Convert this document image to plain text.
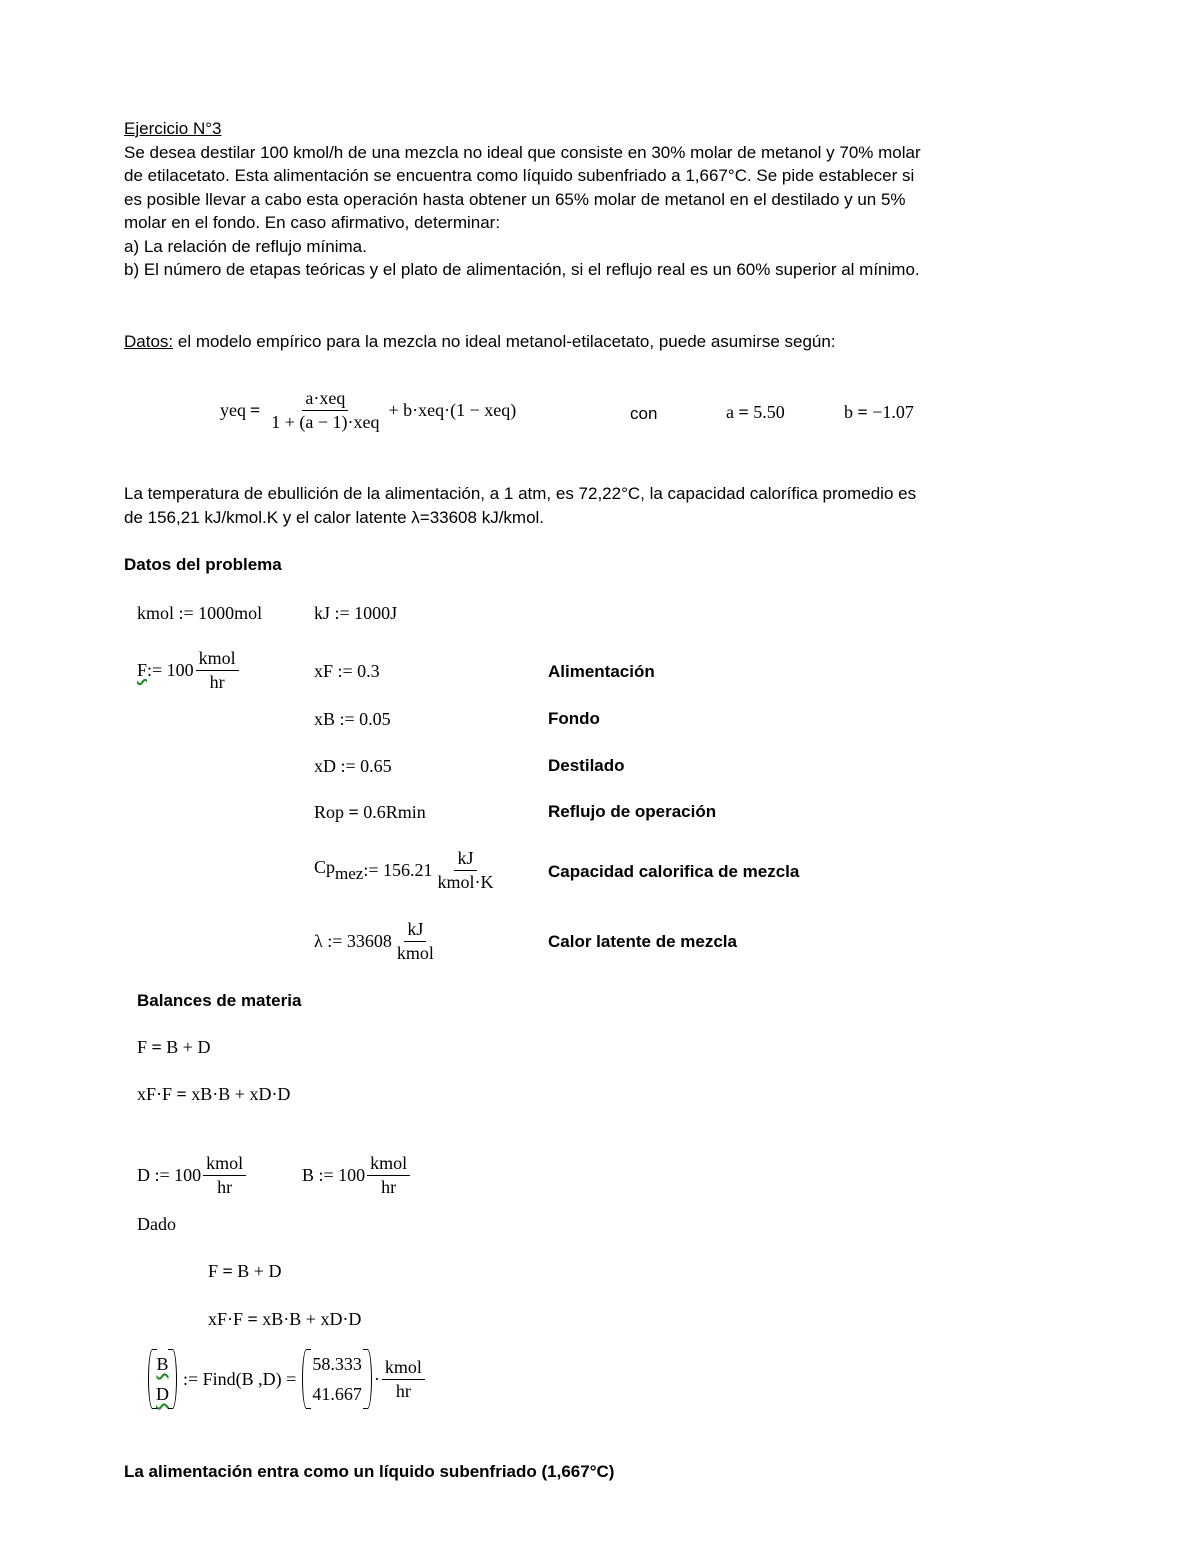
Ejercicio N°3

Se desea destilar 100 kmol/h de una mezcla no ideal que consiste en 30% molar de metanol y 70% molar

de etilacetato. Esta alimentación se encuentra como líquido subenfriado a 1,667°C. Se pide establecer si

es posible llevar a cabo esta operación hasta obtener un 65% molar de metanol en el destilado y un 5%

molar en el fondo. En caso afirmativo, determinar:

a) La relación de reflujo mínima.

b) El número de etapas teóricas y el plato de alimentación, si el reflujo real es un 60% superior al mínimo.

Datos: el modelo empírico para la mezcla no ideal metanol-etilacetato, puede asumirse según:
yeq = $\frac{\text{a·xeq}}{\text{1 + (a − 1)·xeq}} + b\cdot xeq\cdot(1 - xeq)$	con	a = 5.50	b = −1.07

La temperatura de ebullición de la alimentación, a 1 atm, es 72,22°C, la capacidad calorífica promedio es

de 156,21 kJ/kmol.K y el calor latente λ=33608 kJ/kmol.

Datos del problema
kmol := 1000mol	kJ := 1000J
F := $100 \frac{\text{kmol}}{hr}$	xF := 0.3	Alimentación
xB := 0.05	Fondo
xD := 0.65	Destilado
Rop = 0.6Rmin	Reflujo de operación
$Cp_{mez}$ := $156.21 \frac{kJ}{\text{kmol·K}}$	Capacidad calorifica de mezcla
λ := $33608 \frac{kJ}{\text{kmol}}$	Calor latente de mezcla
Balances de materia
F = B + D
xF·F = xB·B + xD·D
D := $100 \frac{\text{kmol}}{hr}$	B := $100 \frac{\text{kmol}}{hr}$
Dado
F = B + D
xF·F = xB·B + xD·D
B
D
:= Find(B ,D) =
58.333
41.667
· $\frac{\text{kmol}}{hr}$
La alimentación entra como un líquido subenfriado (1,667°C)
